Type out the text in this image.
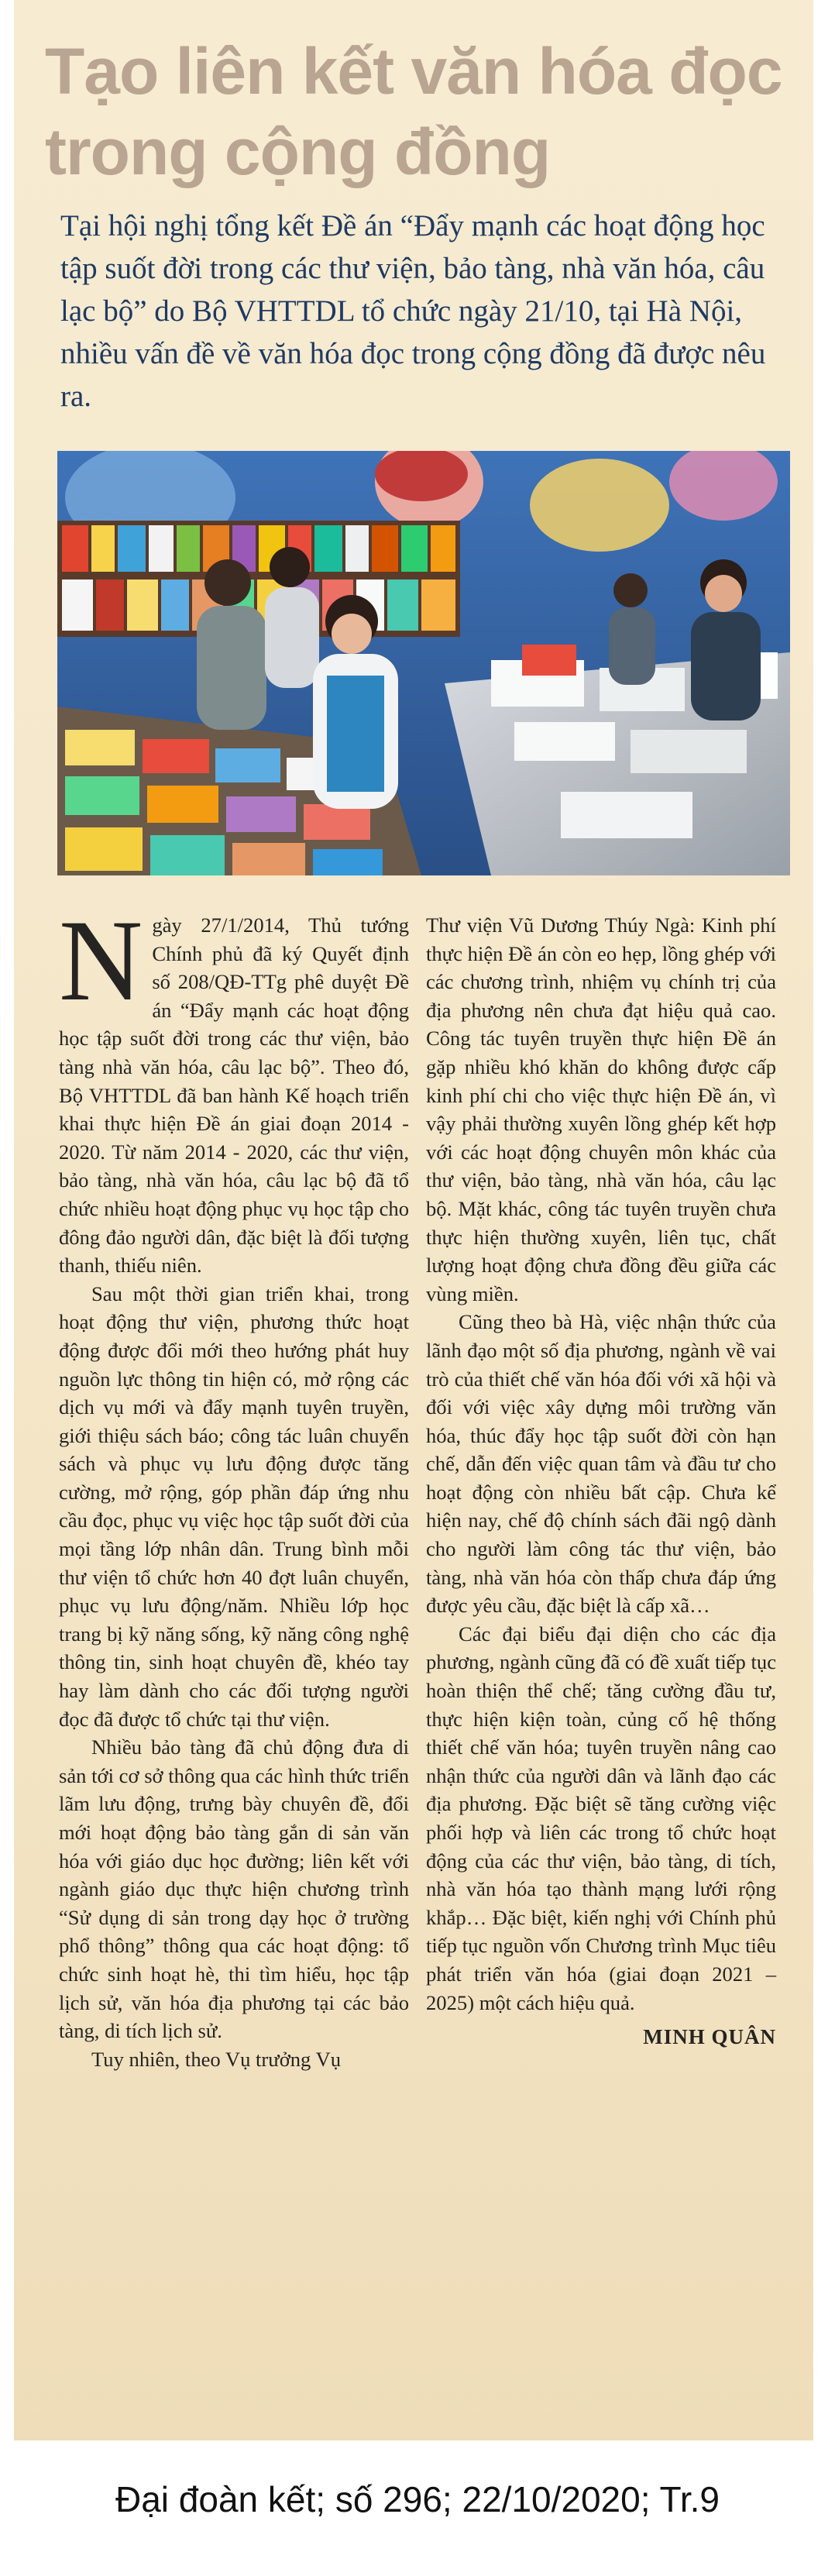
Tạo liên kết văn hóa đọc
trong cộng đồng

Tại hội nghị tổng kết Đề án “Đẩy mạnh các hoạt động học tập suốt đời trong các thư viện, bảo tàng, nhà văn hóa, câu lạc bộ” do Bộ VHTTDL tổ chức ngày 21/10, tại Hà Nội, nhiều vấn đề về văn hóa đọc trong cộng đồng đã được nêu ra.

Ngày 27/1/2014, Thủ tướng Chính phủ đã ký Quyết định số 208/QĐ-TTg phê duyệt Đề án “Đẩy mạnh các hoạt động học tập suốt đời trong các thư viện, bảo tàng nhà văn hóa, câu lạc bộ”. Theo đó, Bộ VHTTDL đã ban hành Kế hoạch triển khai thực hiện Đề án giai đoạn 2014 - 2020. Từ năm 2014 - 2020, các thư viện, bảo tàng, nhà văn hóa, câu lạc bộ đã tổ chức nhiều hoạt động phục vụ học tập cho đông đảo người dân, đặc biệt là đối tượng thanh, thiếu niên.

Sau một thời gian triển khai, trong hoạt động thư viện, phương thức hoạt động được đổi mới theo hướng phát huy nguồn lực thông tin hiện có, mở rộng các dịch vụ mới và đẩy mạnh tuyên truyền, giới thiệu sách báo; công tác luân chuyển sách và phục vụ lưu động được tăng cường, mở rộng, góp phần đáp ứng nhu cầu đọc, phục vụ việc học tập suốt đời của mọi tầng lớp nhân dân. Trung bình mỗi thư viện tổ chức hơn 40 đợt luân chuyển, phục vụ lưu động/năm. Nhiều lớp học trang bị kỹ năng sống, kỹ năng công nghệ thông tin, sinh hoạt chuyên đề, khéo tay hay làm dành cho các đối tượng người đọc đã được tổ chức tại thư viện.

Nhiều bảo tàng đã chủ động đưa di sản tới cơ sở thông qua các hình thức triển lãm lưu động, trưng bày chuyên đề, đổi mới hoạt động bảo tàng gắn di sản văn hóa với giáo dục học đường; liên kết với ngành giáo dục thực hiện chương trình “Sử dụng di sản trong dạy học ở trường phổ thông” thông qua các hoạt động: tổ chức sinh hoạt hè, thi tìm hiểu, học tập lịch sử, văn hóa địa phương tại các bảo tàng, di tích lịch sử.

Tuy nhiên, theo Vụ trưởng Vụ

Thư viện Vũ Dương Thúy Ngà: Kinh phí thực hiện Đề án còn eo hẹp, lồng ghép với các chương trình, nhiệm vụ chính trị của địa phương nên chưa đạt hiệu quả cao. Công tác tuyên truyền thực hiện Đề án gặp nhiều khó khăn do không được cấp kinh phí chi cho việc thực hiện Đề án, vì vậy phải thường xuyên lồng ghép kết hợp với các hoạt động chuyên môn khác của thư viện, bảo tàng, nhà văn hóa, câu lạc bộ. Mặt khác, công tác tuyên truyền chưa thực hiện thường xuyên, liên tục, chất lượng hoạt động chưa đồng đều giữa các vùng miền.

Cũng theo bà Hà, việc nhận thức của lãnh đạo một số địa phương, ngành về vai trò của thiết chế văn hóa đối với xã hội và đối với việc xây dựng môi trường văn hóa, thúc đẩy học tập suốt đời còn hạn chế, dẫn đến việc quan tâm và đầu tư cho hoạt động còn nhiều bất cập. Chưa kể hiện nay, chế độ chính sách đãi ngộ dành cho người làm công tác thư viện, bảo tàng, nhà văn hóa còn thấp chưa đáp ứng được yêu cầu, đặc biệt là cấp xã…

Các đại biểu đại diện cho các địa phương, ngành cũng đã có đề xuất tiếp tục hoàn thiện thể chế; tăng cường đầu tư, thực hiện kiện toàn, củng cố hệ thống thiết chế văn hóa; tuyên truyền nâng cao nhận thức của người dân và lãnh đạo các địa phương. Đặc biệt sẽ tăng cường việc phối hợp và liên các trong tổ chức hoạt động của các thư viện, bảo tàng, di tích, nhà văn hóa tạo thành mạng lưới rộng khắp… Đặc biệt, kiến nghị với Chính phủ tiếp tục nguồn vốn Chương trình Mục tiêu phát triển văn hóa (giai đoạn 2021 – 2025) một cách hiệu quả.

MINH QUÂN
Đại đoàn kết; số 296; 22/10/2020; Tr.9
